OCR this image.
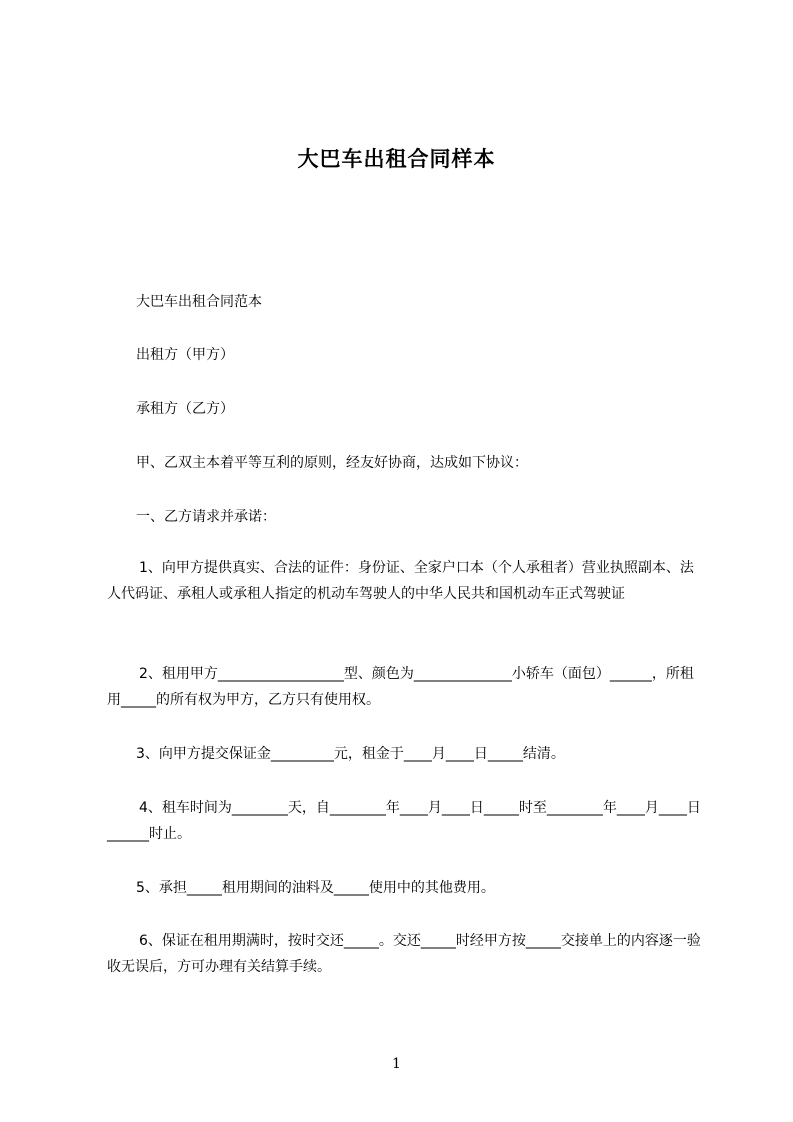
大巴车出租合同样本
大巴车出租合同范本
出租方（甲方）
承租方（乙方）
甲、乙双主本着平等互利的原则，经友好协商，达成如下协议：
一、乙方请求并承诺：
1、向甲方提供真实、合法的证件：身份证、全家户口本（个人承租者）营业执照副本、法人代码证、承租人或承租人指定的机动车驾驶人的中华人民共和国机动车正式驾驶证
2、租用甲方__________________型、颜色为______________小轿车（面包）______，所租用_____的所有权为甲方，乙方只有使用权。
3、向甲方提交保证金_________元，租金于____月____日_____结清。
4、租车时间为________天，自________年____月____日_____时至________年____月____日______时止。
5、承担_____租用期间的油料及_____使用中的其他费用。
6、保证在租用期满时，按时交还_____。交还_____时经甲方按_____交接单上的内容逐一验收无误后，方可办理有关结算手续。
1
